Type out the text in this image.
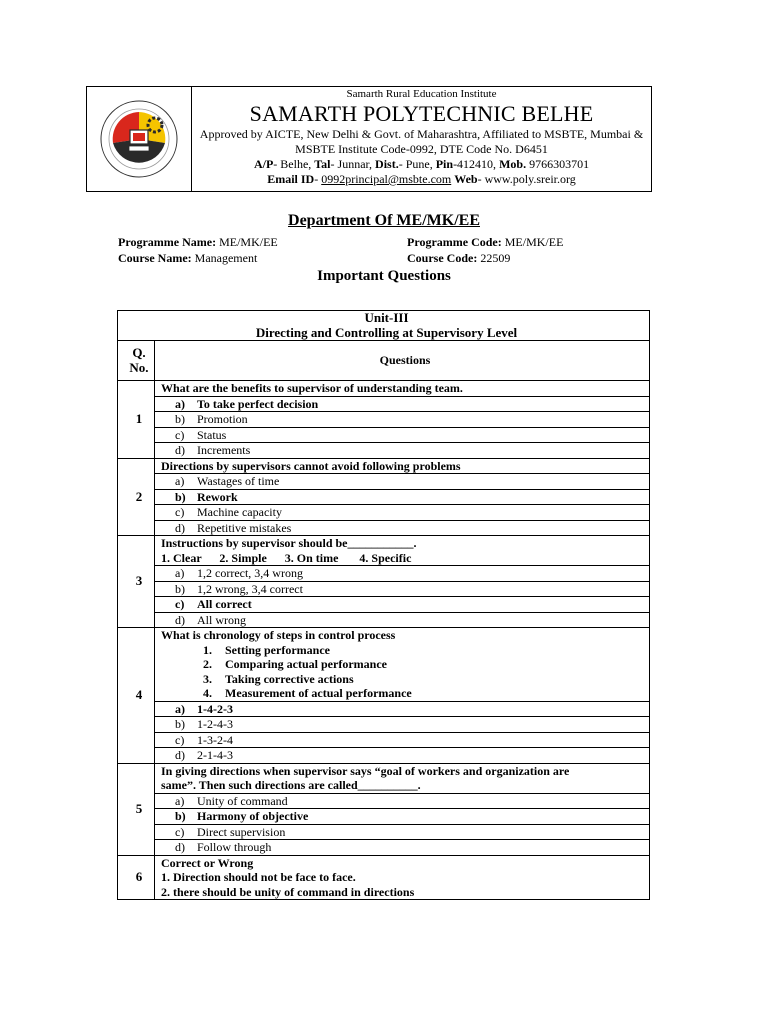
Samarth Rural Education Institute
SAMARTH POLYTECHNIC BELHE
Approved by AICTE, New Delhi & Govt. of Maharashtra, Affiliated to MSBTE, Mumbai &
MSBTE Institute Code-0992, DTE Code No. D6451
A/P- Belhe, Tal- Junnar, Dist.- Pune, Pin-412410, Mob. 9766303701
Email ID- 0992principal@msbte.com Web- www.poly.sreir.org
Department Of ME/MK/EE
Programme Name: ME/MK/EE	Programme Code: ME/MK/EE
Course Name: Management	Course Code: 22509
Important Questions
Unit-III
Directing and Controlling at Supervisory Level	

Q.
No.	Questions
1	What are the benefits to supervisor of understanding team.
	a) To take perfect decision
	b) Promotion
	c) Status
	d) Increments
2	Directions by supervisors cannot avoid following problems
	a) Wastages of time
	b) Rework
	c) Machine capacity
	d) Repetitive mistakes
3	Instructions by supervisor should be___________.
1. Clear      2. Simple      3. On time       4. Specific

	a) 1,2 correct, 3,4 wrong
	b) 1,2 wrong, 3,4 correct
	c) All correct
	d) All wrong
4	What is chronology of steps in control process
1. Setting performance
2. Comparing actual performance
3. Taking corrective actions
4. Measurement of actual performance

	a) 1-4-2-3
	b) 1-2-4-3
	c) 1-3-2-4
	d) 2-1-4-3
5	In giving directions when supervisor says “goal of workers and organization are
same”. Then such directions are called__________.

	a) Unity of command
	b) Harmony of objective
	c) Direct supervision
	d) Follow through
6	Correct or Wrong
1. Direction should not be face to face.
2. there should be unity of command in directions
